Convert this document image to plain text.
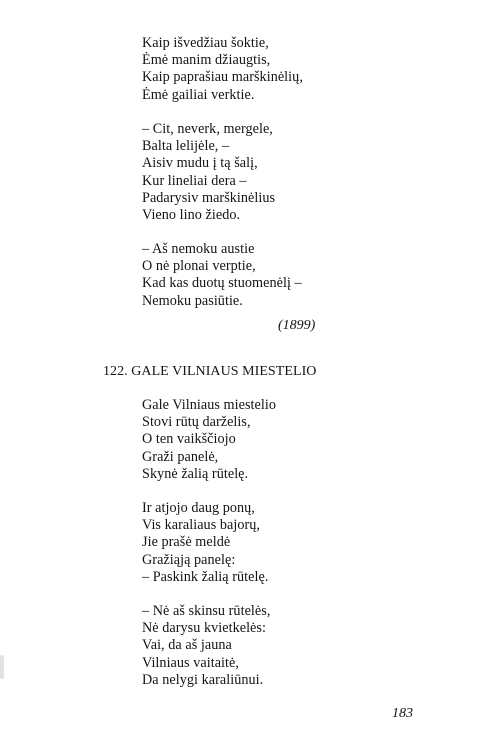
Kaip išvedžiau šoktie,
Ėmė manim džiaugtis,
Kaip paprašiau marškinėlių,
Ėmė gailiai verktie.
– Cit, neverk, mergele,
Balta lelijėle, –
Aisiv mudu į tą šalį,
Kur lineliai dera –
Padarysiv marškinėlius
Vieno lino žiedo.
– Aš nemoku austie
O nė plonai verptie,
Kad kas duotų stuomenėlį –
Nemoku pasiūtie.
(1899)
122. GALE VILNIAUS MIESTELIO
Gale Vilniaus miestelio
Stovi rūtų darželis,
O ten vaikščiojo
Graži panelė,
Skynė žalią rūtelę.
Ir atjojo daug ponų,
Vis karaliaus bajorų,
Jie prašė meldė
Gražiąją panelę:
– Paskink žalią rūtelę.
– Nė aš skinsu rūtelės,
Nė darysu kvietkelės:
Vai, da aš jauna
Vilniaus vaitaitė,
Da nelygi karaliūnui.
183
